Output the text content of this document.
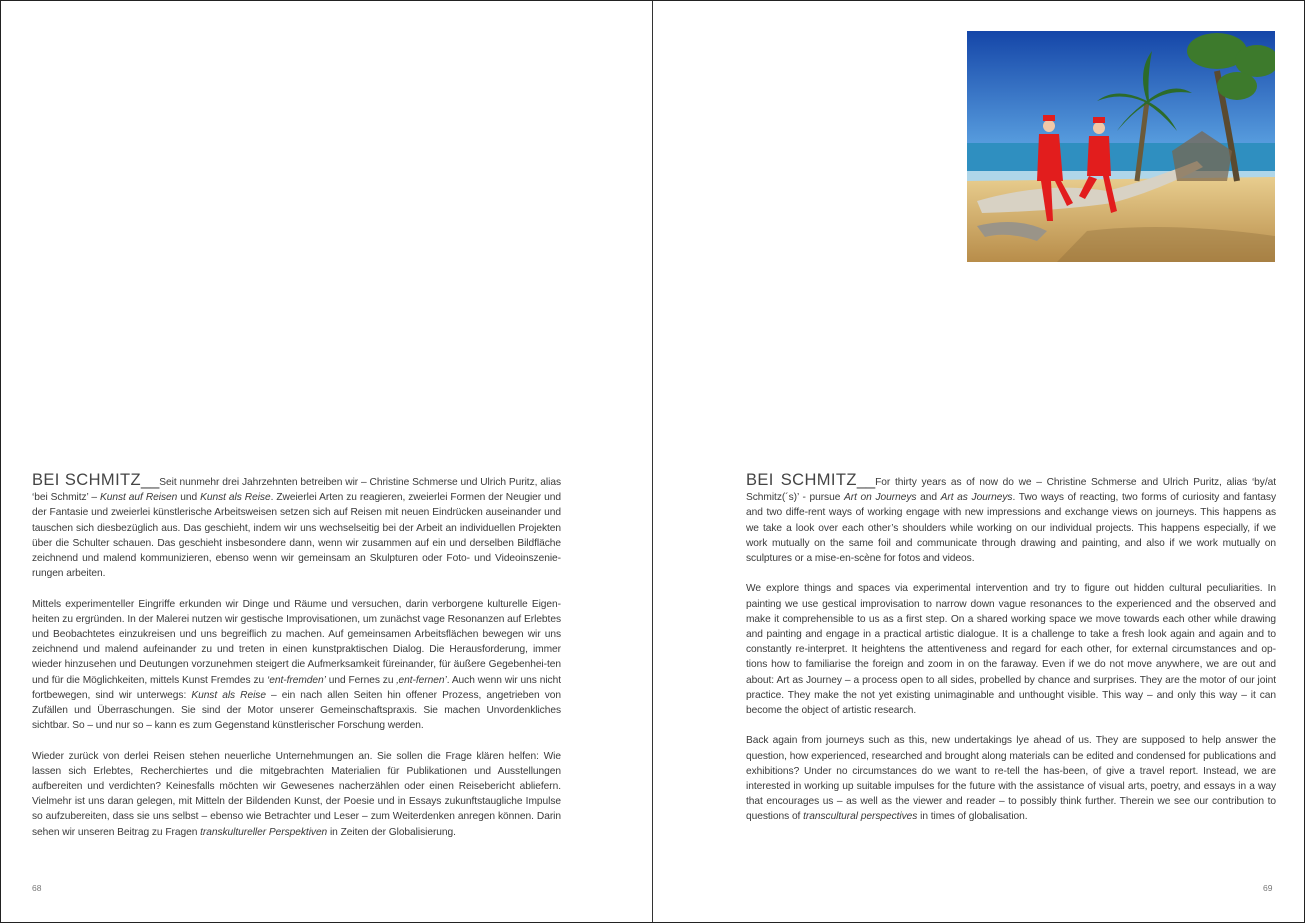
BEI SCHMITZ__Seit nunmehr drei Jahrzehnten betreiben wir – Christine Schmerse und Ulrich Puritz, alias ‘bei Schmitz’ – Kunst auf Reisen und Kunst als Reise. Zweierlei Arten zu reagieren, zweierlei Formen der Neugier und der Fantasie und zweierlei künstlerische Arbeitsweisen setzen sich auf Reisen mit neuen Eindrücken auseinander und tauschen sich diesbezüglich aus. Das geschieht, indem wir uns wechselseitig bei der Arbeit an individuellen Projekten über die Schulter schauen. Das geschieht insbesondere dann, wenn wir zusammen auf ein und derselben Bildfläche zeichnend und malend kommunizieren, ebenso wenn wir gemeinsam an Skulpturen oder Foto- und Videoinszenie-rungen arbeiten.

Mittels experimenteller Eingriffe erkunden wir Dinge und Räume und versuchen, darin verborgene kulturelle Eigen-heiten zu ergründen. In der Malerei nutzen wir gestische Improvisationen, um zunächst vage Resonanzen auf Erlebtes und Beobachtetes einzukreisen und uns begreiflich zu machen. Auf gemeinsamen Arbeitsflächen bewegen wir uns zeichnend und malend aufeinander zu und treten in einen kunstpraktischen Dialog. Die Herausforderung, immer wieder hinzusehen und Deutungen vorzunehmen steigert die Aufmerksamkeit füreinander, für äußere Gegebenhei-ten und für die Möglichkeiten, mittels Kunst Fremdes zu ‘ent-fremden’ und Fernes zu ‚ent-fernen’. Auch wenn wir uns nicht fortbewegen, sind wir unterwegs: Kunst als Reise – ein nach allen Seiten hin offener Prozess, angetrieben von Zufällen und Überraschungen. Sie sind der Motor unserer Gemeinschaftspraxis. Sie machen Unvordenkliches sichtbar. So – und nur so – kann es zum Gegenstand künstlerischer Forschung werden.

Wieder zurück von derlei Reisen stehen neuerliche Unternehmungen an. Sie sollen die Frage klären helfen: Wie lassen sich Erlebtes, Recherchiertes und die mitgebrachten Materialien für Publikationen und Ausstellungen aufbereiten und verdichten? Keinesfalls möchten wir Gewesenes nacherzählen oder einen Reisebericht abliefern. Vielmehr ist uns daran gelegen, mit Mitteln der Bildenden Kunst, der Poesie und in Essays zukunftstaugliche Impulse so aufzubereiten, dass sie uns selbst – ebenso wie Betrachter und Leser – zum Weiterdenken anregen können. Darin sehen wir unseren Beitrag zu Fragen transkultureller Perspektiven in Zeiten der Globalisierung.

68

BEI SCHMITZ__For thirty years as of now do we – Christine Schmerse and Ulrich Puritz, alias ‘by/at Schmitz(´s)’ - pursue Art on Journeys and Art as Journeys. Two ways of reacting, two forms of curiosity and fantasy and two diffe-rent ways of working engage with new impressions and exchange views on journeys. This happens as we take a look over each other’s shoulders while working on our individual projects. This happens especially, if we work mutually on the same foil and communicate through drawing and painting, and also if we work mutually on sculptures or a mise-en-scène for fotos and videos.

We explore things and spaces via experimental intervention and try to figure out hidden cultural peculiarities. In painting we use gestical improvisation to narrow down vague resonances to the experienced and the observed and make it comprehensible to us as a first step. On a shared working space we move towards each other while drawing and painting and engage in a practical artistic dialogue. It is a challenge to take a fresh look again and again and to constantly re-interpret. It heightens the attentiveness and regard for each other, for external circumstances and op-tions how to familiarise the foreign and zoom in on the faraway. Even if we do not move anywhere, we are out and about: Art as Journey – a process open to all sides, probelled by chance and surprises. They are the motor of our joint practice. They make the not yet existing unimaginable and unthought visible. This way – and only this way – it can become the object of artistic research.

Back again from journeys such as this, new undertakings lye ahead of us. They are supposed to help answer the question, how experienced, researched and brought along materials can be edited and condensed for publications and exhibitions? Under no circumstances do we want to re-tell the has-been, of give a travel report. Instead, we are interested in working up suitable impulses for the future with the assistance of visual arts, poetry, and essays in a way that encourages us – as well as the viewer and reader – to possibly think further. Therein we see our contribution to questions of transcultural perspectives in times of globalisation.

69
